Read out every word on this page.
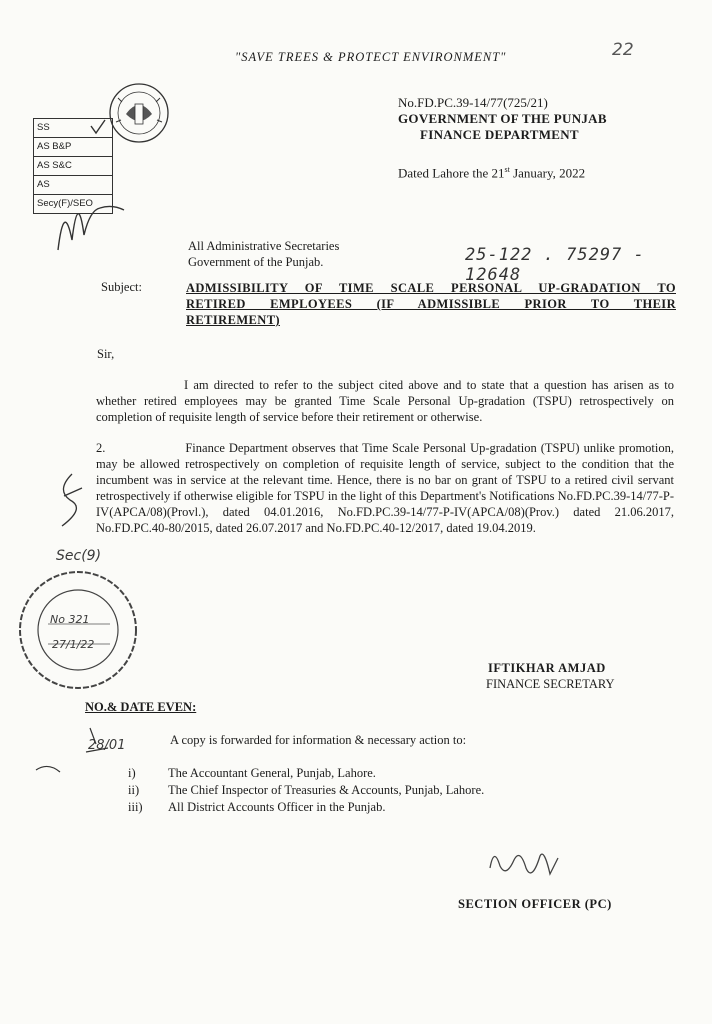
"SAVE TREES & PROTECT ENVIRONMENT"	22
No.FD.PC.39-14/77(725/21)
GOVERNMENT OF THE PUNJAB
FINANCE DEPARTMENT
Dated Lahore the 21st January, 2022
SS
AS B&P
AS S&C
AS
Secy(F)/SEO
All Administrative Secretaries
Government of the Punjab.	25-122 . 75297 - 12648
Subject:	ADMISSIBILITY OF TIME SCALE PERSONAL UP-GRADATION TO
RETIRED EMPLOYEES (IF ADMISSIBLE PRIOR TO THEIR
RETIREMENT)
Sir,
I am directed to refer to the subject cited above and to state that a question has arisen as to whether retired employees may be granted Time Scale Personal Up-gradation (TSPU) retrospectively on completion of requisite length of service before their retirement or otherwise.
2.	Finance Department observes that Time Scale Personal Up-gradation (TSPU) unlike promotion, may be allowed retrospectively on completion of requisite length of service, subject to the condition that the incumbent was in service at the relevant time. Hence, there is no bar on grant of TSPU to a retired civil servant retrospectively if otherwise eligible for TSPU in the light of this Department's Notifications No.FD.PC.39-14/77-P-IV(APCA/08)(Provl.), dated 04.01.2016, No.FD.PC.39-14/77-P-IV(APCA/08)(Prov.) dated 21.06.2017, No.FD.PC.40-80/2015, dated 26.07.2017 and No.FD.PC.40-12/2017, dated 19.04.2019.
Sec(9)
No 321
27/1/22
IFTIKHAR AMJAD
FINANCE SECRETARY
NO.& DATE EVEN:
28/01	A copy is forwarded for information & necessary action to:
i)	The Accountant General, Punjab, Lahore.
ii)	The Chief Inspector of Treasuries & Accounts, Punjab, Lahore.
iii)	All District Accounts Officer in the Punjab.
SECTION OFFICER (PC)
